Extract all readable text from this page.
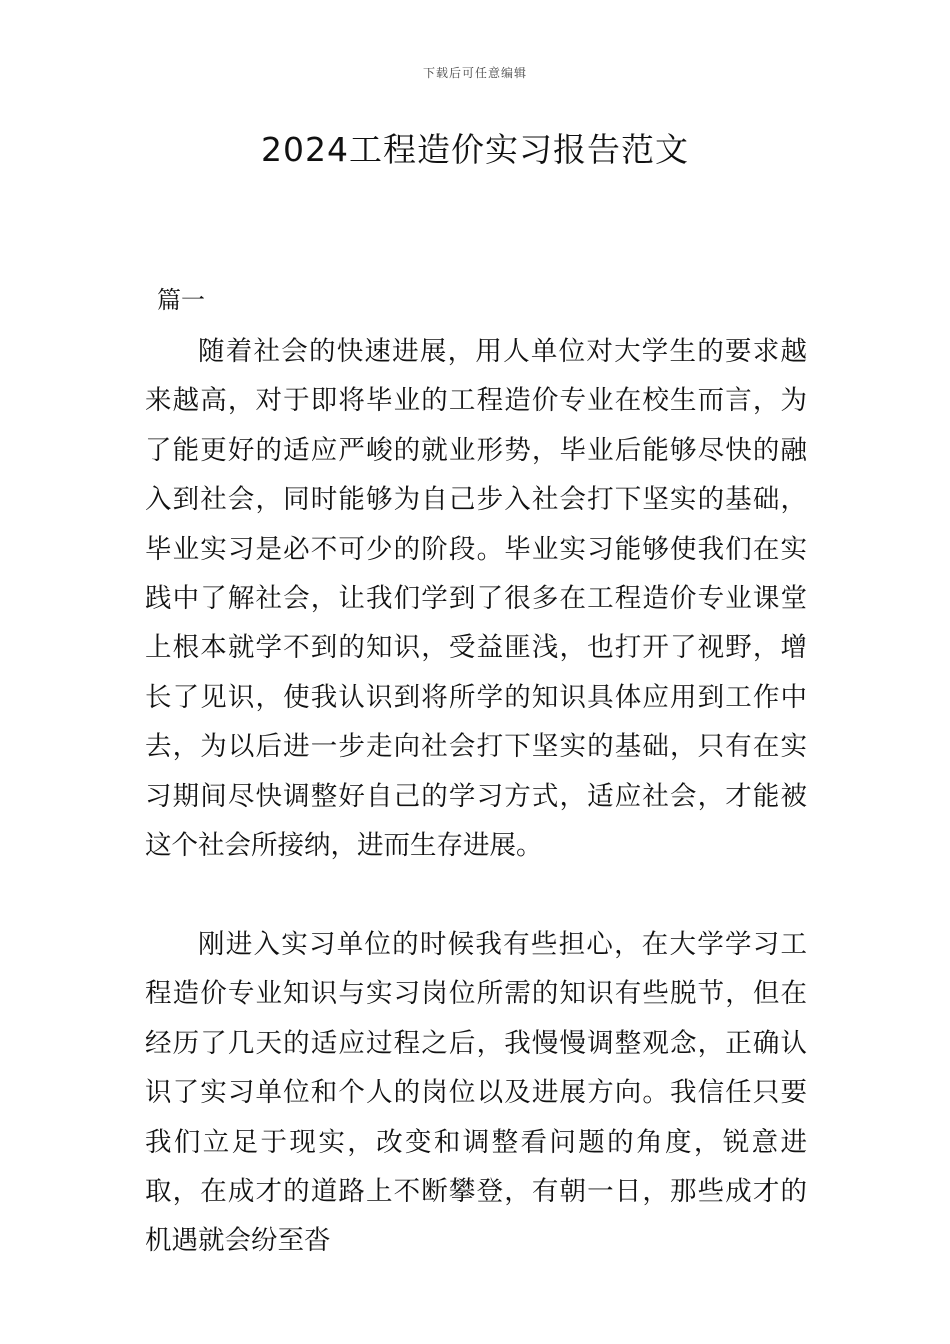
下载后可任意编辑
2024工程造价实习报告范文
篇一

随着社会的快速进展，用人单位对大学生的要求越来越高，对于即将毕业的工程造价专业在校生而言，为了能更好的适应严峻的就业形势，毕业后能够尽快的融入到社会，同时能够为自己步入社会打下坚实的基础，毕业实习是必不可少的阶段。毕业实习能够使我们在实践中了解社会，让我们学到了很多在工程造价专业课堂上根本就学不到的知识，受益匪浅，也打开了视野，增长了见识，使我认识到将所学的知识具体应用到工作中去，为以后进一步走向社会打下坚实的基础，只有在实习期间尽快调整好自己的学习方式，适应社会，才能被这个社会所接纳，进而生存进展。

刚进入实习单位的时候我有些担心，在大学学习工程造价专业知识与实习岗位所需的知识有些脱节，但在经历了几天的适应过程之后，我慢慢调整观念，正确认识了实习单位和个人的岗位以及进展方向。我信任只要我们立足于现实，改变和调整看问题的角度，锐意进取，在成才的道路上不断攀登，有朝一日，那些成才的机遇就会纷至沓
